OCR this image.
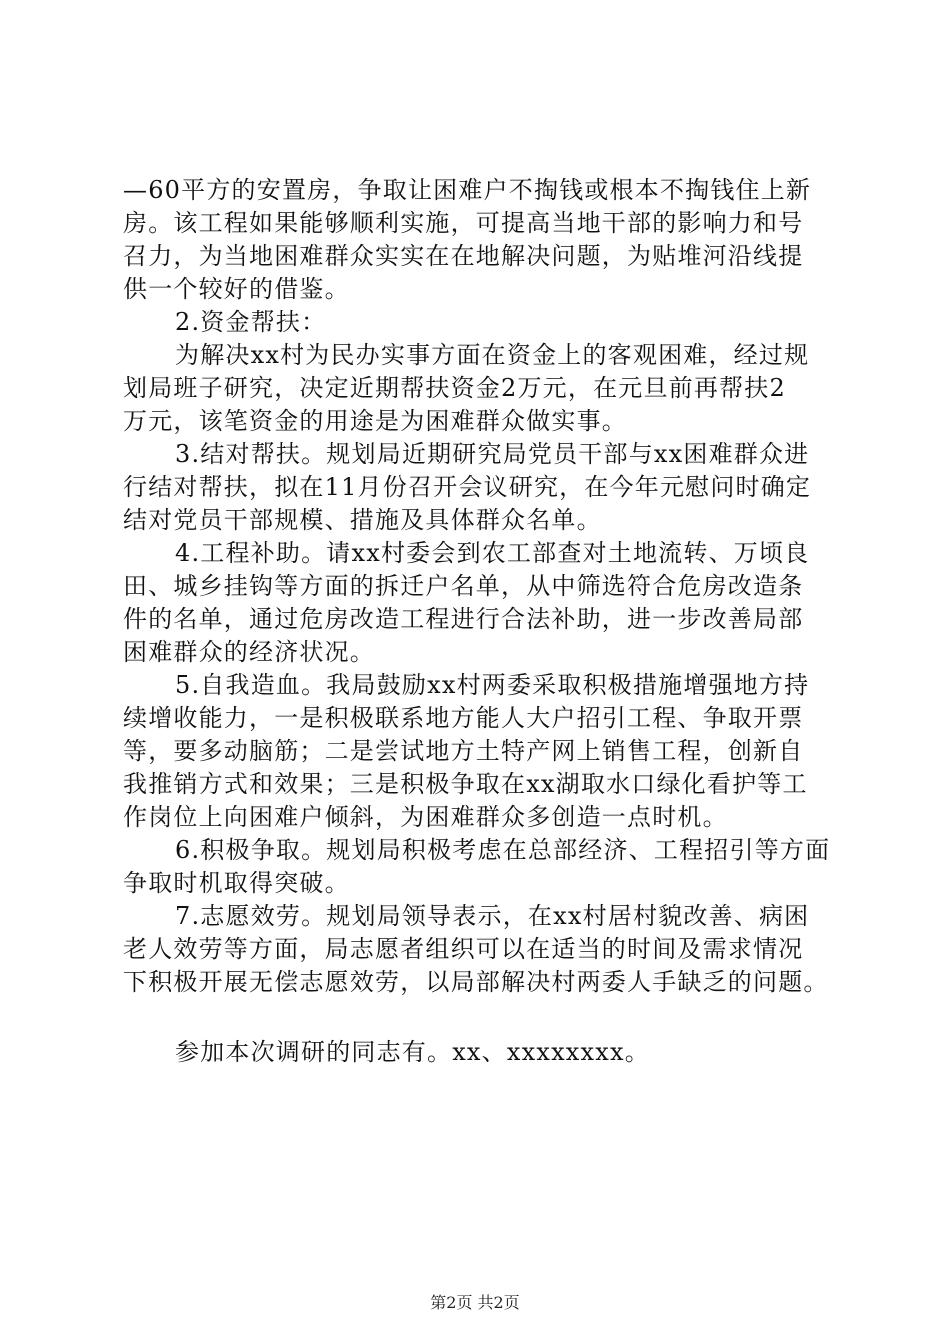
—60平方的安置房，争取让困难户不掏钱或根本不掏钱住上新
房。该工程如果能够顺利实施，可提高当地干部的影响力和号
召力，为当地困难群众实实在在地解决问题，为贴堆河沿线提
供一个较好的借鉴。
2.资金帮扶：
为解决xx村为民办实事方面在资金上的客观困难，经过规
划局班子研究，决定近期帮扶资金2万元，在元旦前再帮扶2
万元，该笔资金的用途是为困难群众做实事。
3.结对帮扶。规划局近期研究局党员干部与xx困难群众进
行结对帮扶，拟在11月份召开会议研究，在今年元慰问时确定
结对党员干部规模、措施及具体群众名单。
4.工程补助。请xx村委会到农工部查对土地流转、万顷良
田、城乡挂钩等方面的拆迁户名单，从中筛选符合危房改造条
件的名单，通过危房改造工程进行合法补助，进一步改善局部
困难群众的经济状况。
5.自我造血。我局鼓励xx村两委采取积极措施增强地方持
续增收能力，一是积极联系地方能人大户招引工程、争取开票
等，要多动脑筋；二是尝试地方土特产网上销售工程，创新自
我推销方式和效果；三是积极争取在xx湖取水口绿化看护等工
作岗位上向困难户倾斜，为困难群众多创造一点时机。
6.积极争取。规划局积极考虑在总部经济、工程招引等方面
争取时机取得突破。
7.志愿效劳。规划局领导表示，在xx村居村貌改善、病困
老人效劳等方面，局志愿者组织可以在适当的时间及需求情况
下积极开展无偿志愿效劳，以局部解决村两委人手缺乏的问题。
参加本次调研的同志有。xx、xxxxxxxx。
第2页 共2页
